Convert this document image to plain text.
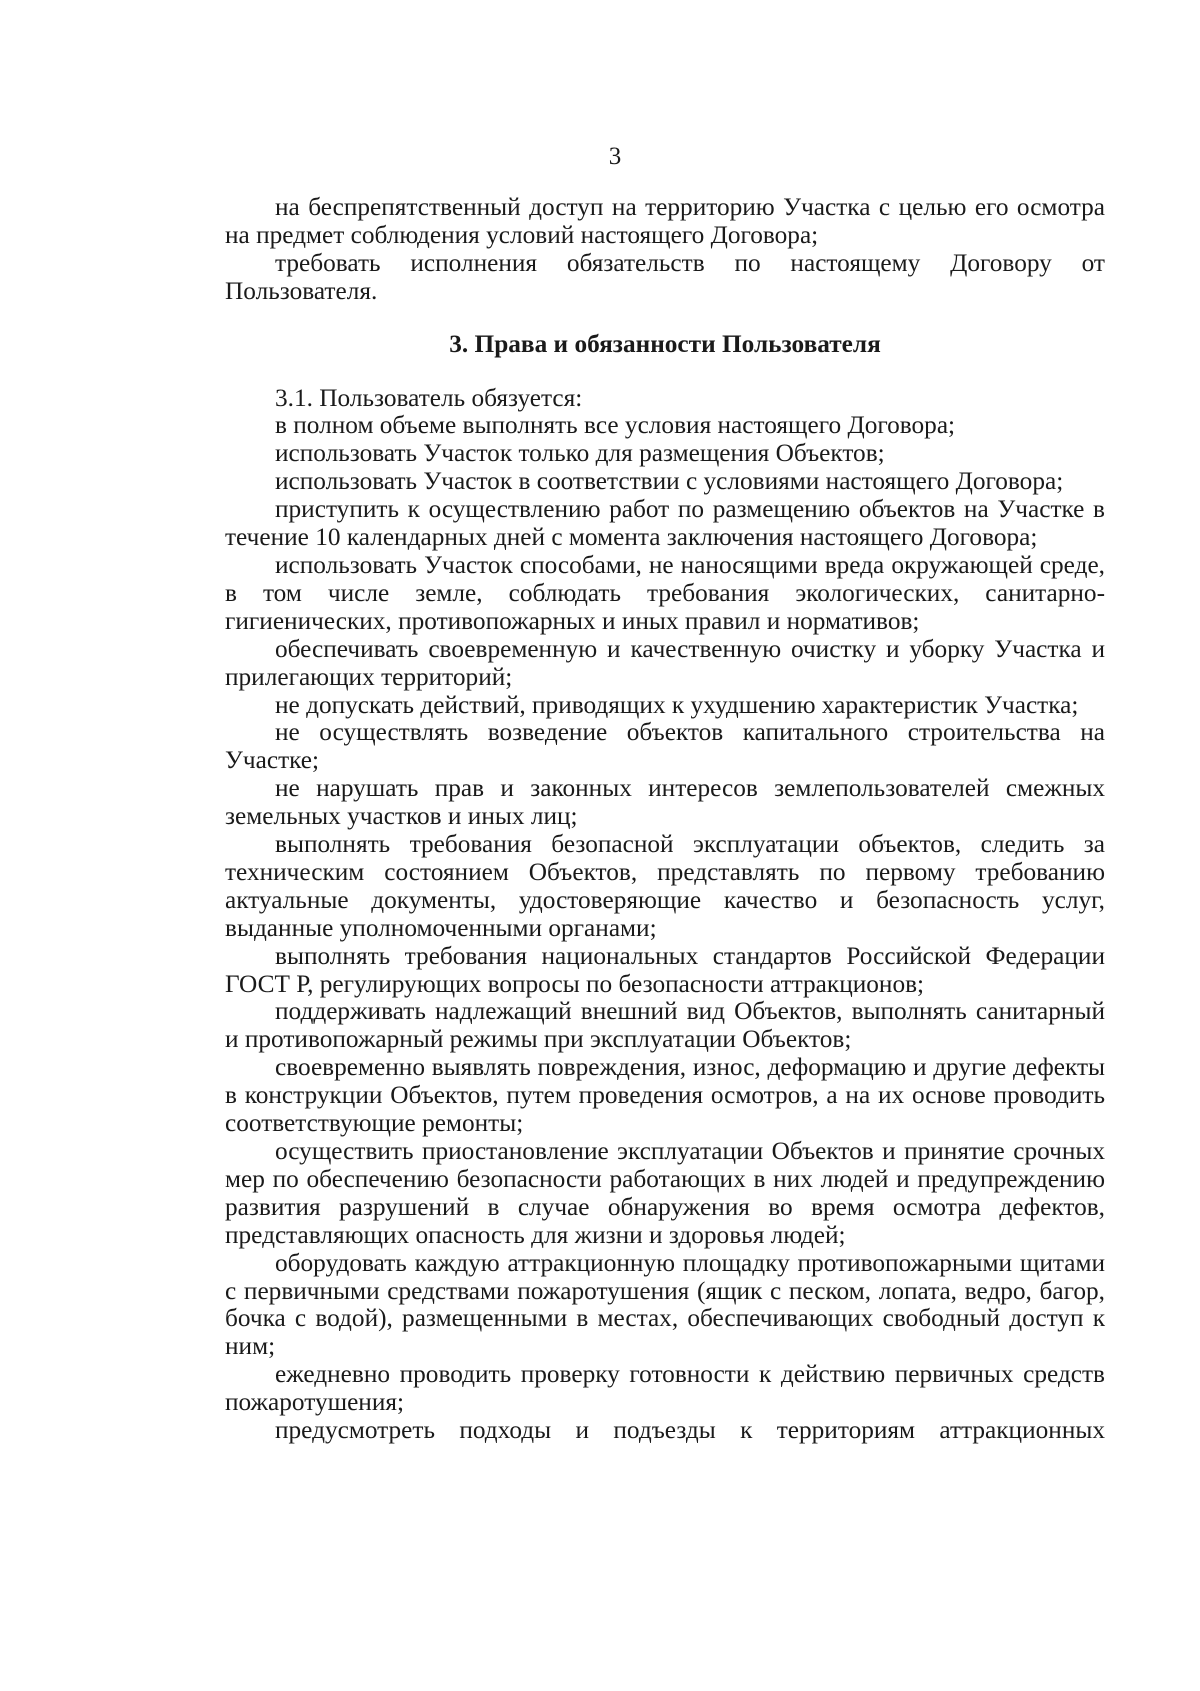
3

на беспрепятственный доступ на территорию Участка с целью его осмотра на предмет соблюдения условий настоящего Договора;

требовать исполнения обязательств по настоящему Договору от Пользователя.

3. Права и обязанности Пользователя

3.1. Пользователь обязуется:

в полном объеме выполнять все условия настоящего Договора;

использовать Участок только для размещения Объектов;

использовать Участок в соответствии с условиями настоящего Договора;

приступить к осуществлению работ по размещению объектов на Участке в течение 10 календарных дней с момента заключения настоящего Договора;

использовать Участок способами, не наносящими вреда окружающей среде, в том числе земле, соблюдать требования экологических, санитарно-гигиенических, противопожарных и иных правил и нормативов;

обеспечивать своевременную и качественную очистку и уборку Участка и прилегающих территорий;

не допускать действий, приводящих к ухудшению характеристик Участка;

не осуществлять возведение объектов капитального строительства на Участке;

не нарушать прав и законных интересов землепользователей смежных земельных участков и иных лиц;

выполнять требования безопасной эксплуатации объектов, следить за техническим состоянием Объектов, представлять по первому требованию актуальные документы, удостоверяющие качество и безопасность услуг, выданные уполномоченными органами;

выполнять требования национальных стандартов Российской Федерации ГОСТ Р, регулирующих вопросы по безопасности аттракционов;

поддерживать надлежащий внешний вид Объектов, выполнять санитарный и противопожарный режимы при эксплуатации Объектов;

своевременно выявлять повреждения, износ, деформацию и другие дефекты в конструкции Объектов, путем проведения осмотров, а на их основе проводить соответствующие ремонты;

осуществить приостановление эксплуатации Объектов и принятие срочных мер по обеспечению безопасности работающих в них людей и предупреждению развития разрушений в случае обнаружения во время осмотра дефектов, представляющих опасность для жизни и здоровья людей;

оборудовать каждую аттракционную площадку противопожарными щитами с первичными средствами пожаротушения (ящик с песком, лопата, ведро, багор, бочка с водой), размещенными в местах, обеспечивающих свободный доступ к ним;

ежедневно проводить проверку готовности к действию первичных средств пожаротушения;

предусмотреть подходы и подъезды к территориям аттракционных
